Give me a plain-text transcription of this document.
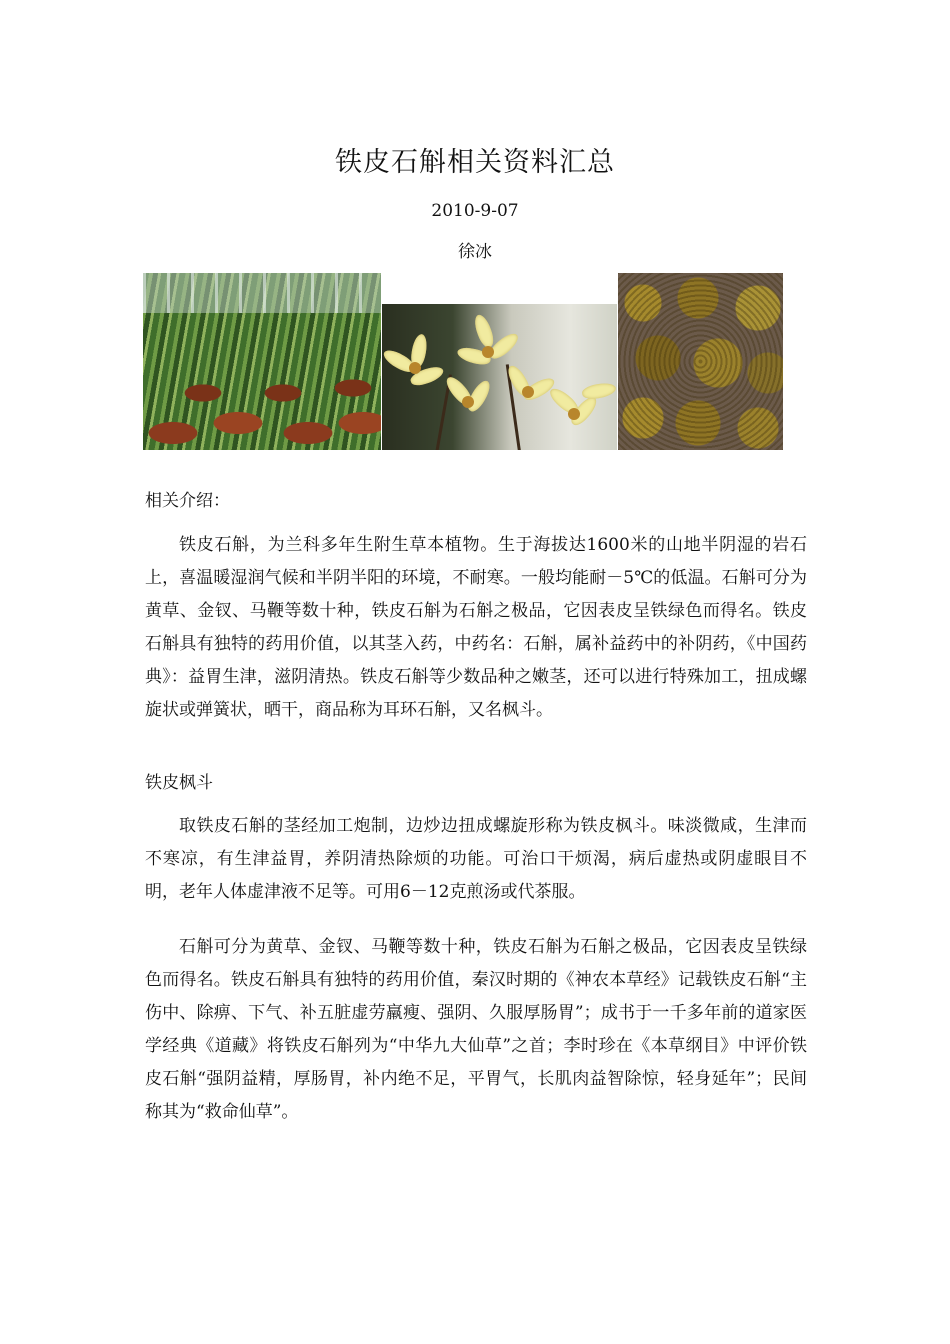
铁皮石斛相关资料汇总
2010-9-07
徐冰
相关介绍：

铁皮石斛，为兰科多年生附生草本植物。生于海拔达1600米的山地半阴湿的岩石上，喜温暖湿润气候和半阴半阳的环境，不耐寒。一般均能耐－5℃的低温。石斛可分为黄草、金钗、马鞭等数十种，铁皮石斛为石斛之极品，它因表皮呈铁绿色而得名。铁皮石斛具有独特的药用价值，以其茎入药，中药名：石斛，属补益药中的补阴药，《中国药典》：益胃生津，滋阴清热。铁皮石斛等少数品种之嫩茎，还可以进行特殊加工，扭成螺旋状或弹簧状，晒干，商品称为耳环石斛，又名枫斗。

铁皮枫斗

取铁皮石斛的茎经加工炮制，边炒边扭成螺旋形称为铁皮枫斗。味淡微咸，生津而不寒凉，有生津益胃，养阴清热除烦的功能。可治口干烦渴，病后虚热或阴虚眼目不明，老年人体虚津液不足等。可用6－12克煎汤或代茶服。

石斛可分为黄草、金钗、马鞭等数十种，铁皮石斛为石斛之极品，它因表皮呈铁绿色而得名。铁皮石斛具有独特的药用价值，秦汉时期的《神农本草经》记载铁皮石斛“主伤中、除痹、下气、补五脏虚劳羸瘦、强阴、久服厚肠胃”；成书于一千多年前的道家医学经典《道藏》将铁皮石斛列为“中华九大仙草”之首；李时珍在《本草纲目》中评价铁皮石斛“强阴益精，厚肠胃，补内绝不足，平胃气，长肌肉益智除惊，轻身延年”；民间称其为“救命仙草”。
